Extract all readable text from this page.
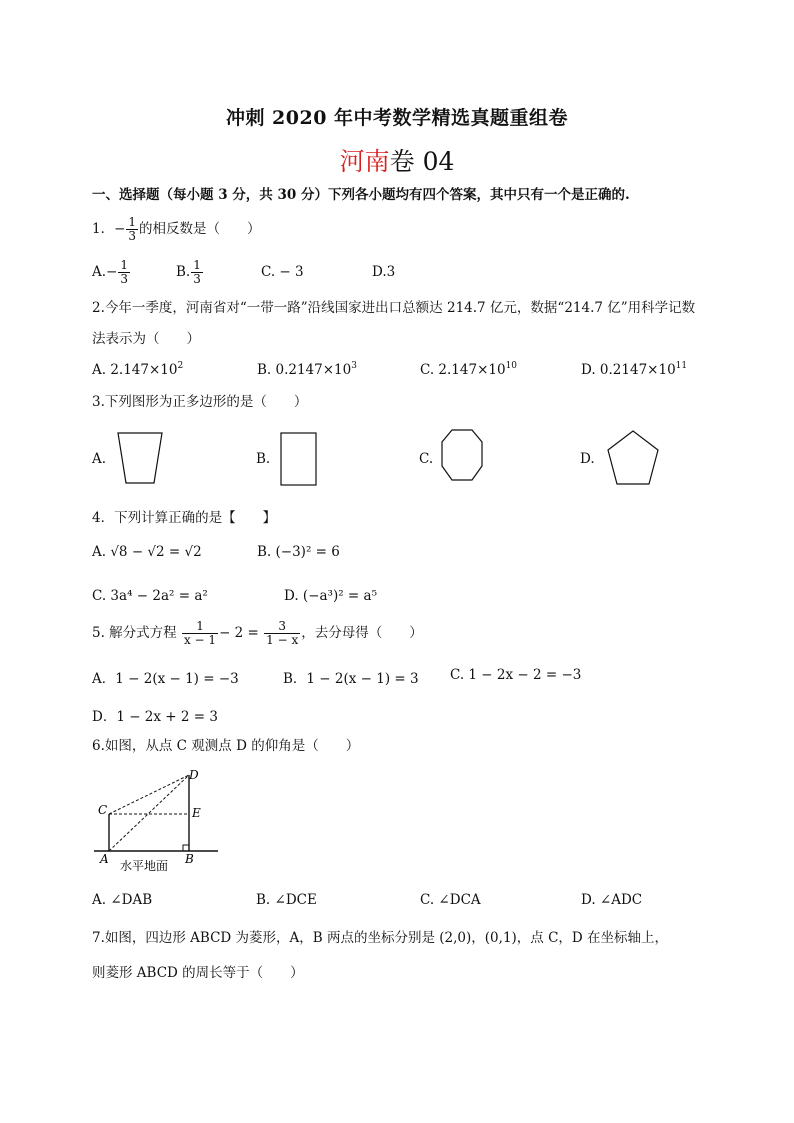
冲刺 2020 年中考数学精选真题重组卷
河南卷 04
一、选择题（每小题 3 分，共 30 分）下列各小题均有四个答案，其中只有一个是正确的.
1．− $\frac{1}{3}$ 的相反数是（　　）
$A.- \frac{1}{3}$	B. $\frac{1}{3}$	C. − 3	D.3
2.今年一季度，河南省对“一带一路”沿线国家进出口总额达 214.7 亿元，数据“214.7 亿”用科学记数
法表示为（　　）
A. $2.147\times 10^2$	B. $0.2147\times 10^3$	C. $2.147\times 10^{10}$	D. $0.2147\times 10^{11}$
3.下列图形为正多边形的是（　　）
A.	B.	C.	D.
4．下列计算正确的是【　　】
A. √8 − √2 = √2	B. (−3)² = 6
C. 3a⁴ − 2a² = a²	D. (−a³)² = a⁵
5. 解分式方程 $\frac{1}{x - 1} - 2 = \frac{3}{1 - x}$ ，去分母得（　　）
A．1 − 2(x − 1) = −3	B．1 − 2(x − 1) = 3 C. 1 − 2x − 2 = −3
D．1 − 2x + 2 = 3
6.如图，从点 C 观测点 D 的仰角是（　　）
D
C	E
A	B
水平地面
A. ∠DAB	B. ∠DCE	C. ∠DCA	D. ∠ADC
7.如图，四边形 ABCD 为菱形，A，B 两点的坐标分别是 (2,0)，(0,1)，点 C，D 在坐标轴上，
则菱形 ABCD 的周长等于（　　）
